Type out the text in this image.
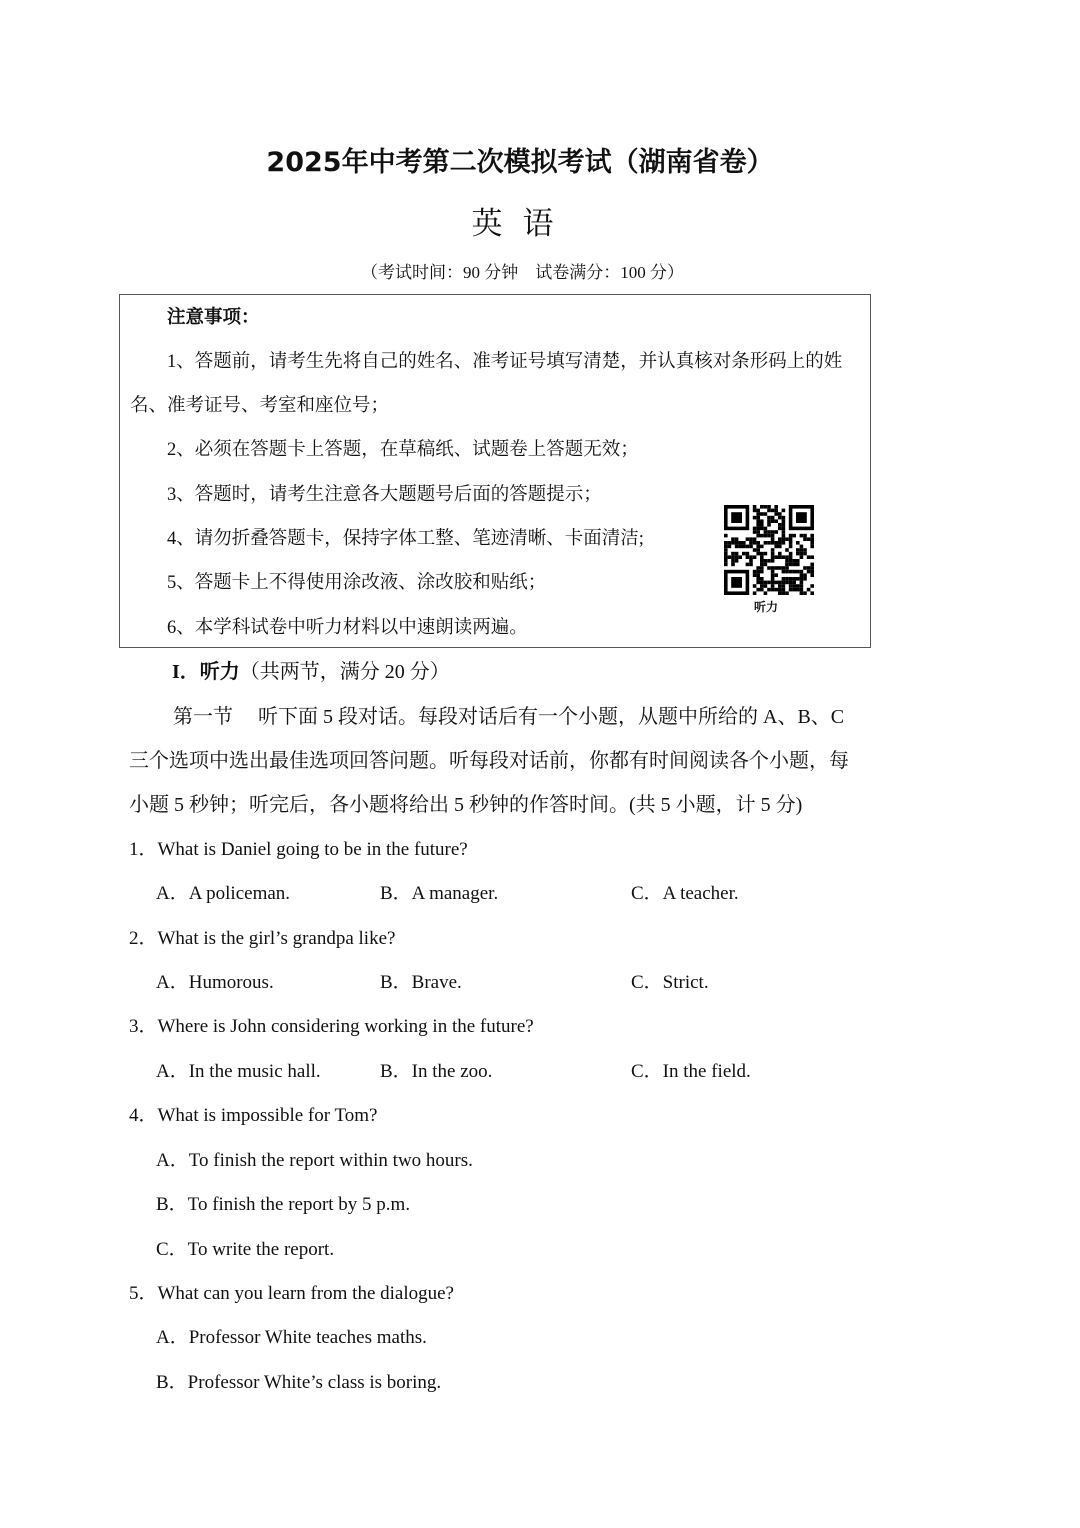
2025年中考第二次模拟考试（湖南省卷）
英语
（考试时间：90 分钟　试卷满分：100 分）
注意事项：
1、答题前，请考生先将自己的姓名、准考证号填写清楚，并认真核对条形码上的姓
名、准考证号、考室和座位号；
2、必须在答题卡上答题，在草稿纸、试题卷上答题无效；
3、答题时，请考生注意各大题题号后面的答题提示；
4、请勿折叠答题卡，保持字体工整、笔迹清晰、卡面清洁;
5、答题卡上不得使用涂改液、涂改胶和贴纸；
6、本学科试卷中听力材料以中速朗读两遍。
听力
I．听力（共两节，满分 20 分）
第一节　 听下面 5 段对话。每段对话后有一个小题，从题中所给的 A、B、C
三个选项中选出最佳选项回答问题。听每段对话前，你都有时间阅读各个小题，每
小题 5 秒钟；听完后，各小题将给出 5 秒钟的作答时间。(共 5 小题，计 5 分)
1．What is Daniel going to be in the future?
A．A policeman.	B．A manager.	C．A teacher.
2．What is the girl’s grandpa like?
A．Humorous.	B．Brave.	C．Strict.
3．Where is John considering working in the future?
A．In the music hall.	B．In the zoo.	C．In the field.
4．What is impossible for Tom?
A．To finish the report within two hours.
B．To finish the report by 5 p.m.
C．To write the report.
5．What can you learn from the dialogue?
A．Professor White teaches maths.
B．Professor White’s class is boring.
